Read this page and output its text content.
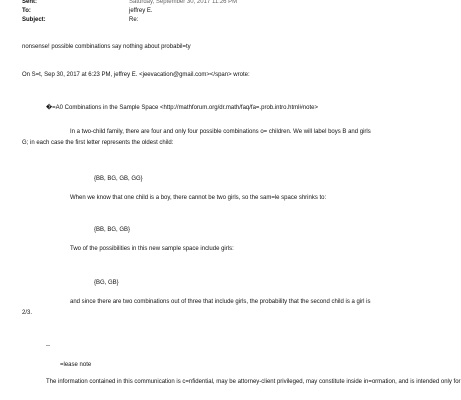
Sent:	Saturday, September 30, 2017 11:26 PM
To:	jeffrey E.
Subject:	Re:
nonsense! possible combinations say nothing about probabil=ty
On S=t, Sep 30, 2017 at 6:23 PM, jeffrey E. <jeevacation@gmail.com></span> wrote:
�=A0 Combinations in the Sample Space <http://mathforum.org/dr.math/faq/fa=.prob.intro.html#note>
In a two-child family, there are four and only four possible combinations o= children. We will label boys B and girls G; in each case the first letter represents the oldest child:
{BB, BG, GB, GG}
When we know that one child is a boy, there cannot be two girls, so the sam=le space shrinks to:
{BB, BG, GB}
Two of the possibilities in this new sample space include girls:
{BG, GB}
and since there are two combinations out of three that include girls, the probability that the second child is a girl is 2/3.
--
=lease note
The information contained in this communication is c=nfidential, may be attorney-client privileged, may constitute inside in=ormation, and is intended only for
